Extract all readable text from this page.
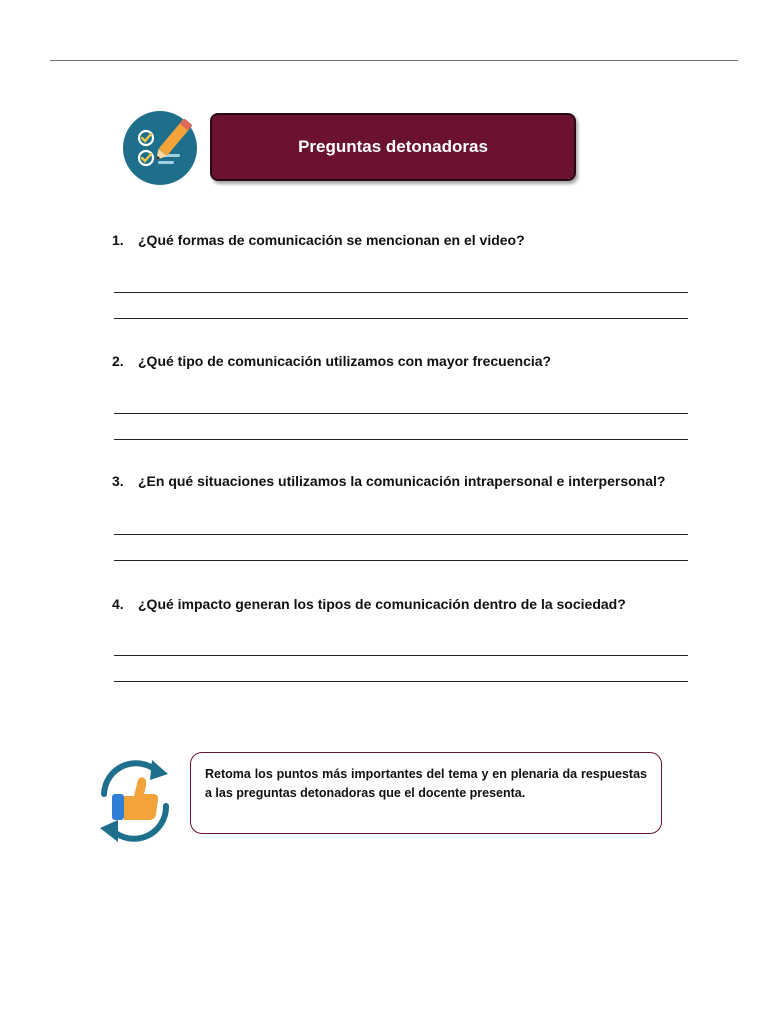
Preguntas detonadoras
1. ¿Qué formas de comunicación se mencionan en el video?
2. ¿Qué tipo de comunicación utilizamos con mayor frecuencia?
3. ¿En qué situaciones utilizamos la comunicación intrapersonal e interpersonal?
4. ¿Qué impacto generan los tipos de comunicación dentro de la sociedad?
Retoma los puntos más importantes del tema y en plenaria da respuestas a las preguntas detonadoras que el docente presenta.
